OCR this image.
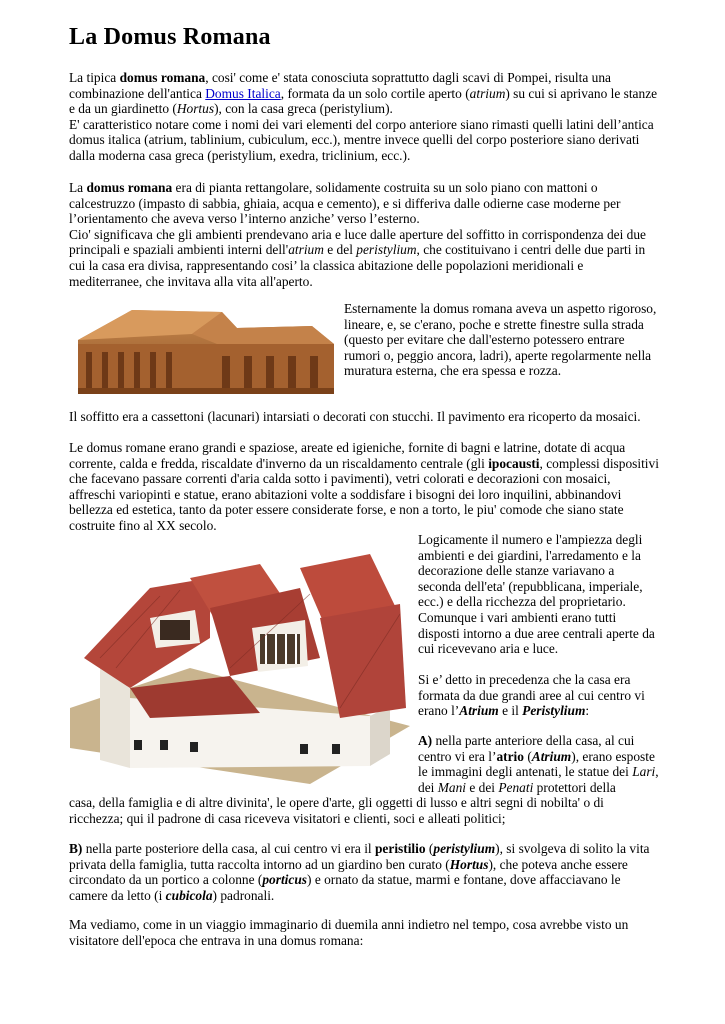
La Domus Romana

La tipica domus romana, cosi' come e' stata conosciuta soprattutto dagli scavi di Pompei, risulta una combinazione dell'antica Domus Italica, formata da un solo cortile aperto (atrium) su cui si aprivano le stanze e da un giardinetto (Hortus), con la casa greca (peristylium).
E' caratteristico notare come i nomi dei vari elementi del corpo anteriore siano rimasti quelli latini dell’antica domus italica (atrium, tablinium, cubiculum, ecc.), mentre invece quelli del corpo posteriore siano derivati dalla moderna casa greca (peristylium, exedra, triclinium, ecc.).

La domus romana era di pianta rettangolare, solidamente costruita su un solo piano con mattoni o calcestruzzo (impasto di sabbia, ghiaia, acqua e cemento), e si differiva dalle odierne case moderne per l’orientamento che aveva verso l’interno anziche’ verso l’esterno.
Cio' significava che gli ambienti prendevano aria e luce dalle aperture del soffitto in corrispondenza dei due principali e spaziali ambienti interni dell'atrium e del peristylium, che costituivano i centri delle due parti in cui la casa era divisa, rappresentando cosi’ la classica abitazione delle popolazioni meridionali e mediterranee, che invitava alla vita all'aperto.

Esternamente la domus romana aveva un aspetto rigoroso, lineare, e, se c'erano, poche e strette finestre sulla strada (questo per evitare che dall'esterno potessero entrare rumori o, peggio ancora, ladri), aperte regolarmente nella muratura esterna, che era spessa e rozza.

Il soffitto era a cassettoni (lacunari) intarsiati o decorati con stucchi. Il pavimento era ricoperto da mosaici.

Le domus romane erano grandi e spaziose, areate ed igieniche, fornite di bagni e latrine, dotate di acqua corrente, calda e fredda, riscaldate d'inverno da un riscaldamento centrale (gli ipocausti, complessi dispositivi che facevano passare correnti d'aria calda sotto i pavimenti), vetri colorati e decorazioni con mosaici, affreschi variopinti e statue, erano abitazioni volte a soddisfare i bisogni dei loro inquilini, abbinandovi bellezza ed estetica, tanto da poter essere considerate forse, e non a torto, le piu' comode che siano state costruite fino al XX secolo.

Logicamente il numero e l'ampiezza degli ambienti e dei giardini, l'arredamento e la decorazione delle stanze variavano a seconda dell'eta' (repubblicana, imperiale, ecc.) e della ricchezza del proprietario. Comunque i vari ambienti erano tutti disposti intorno a due aree centrali aperte da cui ricevevano aria e luce.

Si e’ detto in precedenza che la casa era formata da due grandi aree al cui centro vi erano l’Atrium e il Peristylium:

A) nella parte anteriore della casa, al cui centro vi era l’atrio (Atrium), erano esposte le immagini degli antenati, le statue dei Lari, dei Mani e dei Penati protettori della

casa, della famiglia e di altre divinita', le opere d'arte, gli oggetti di lusso e altri segni di nobilta' o di ricchezza; qui il padrone di casa riceveva visitatori e clienti, soci e alleati politici;

B) nella parte posteriore della casa, al cui centro vi era il peristilio (peristylium), si svolgeva di solito la vita privata della famiglia, tutta raccolta intorno ad un giardino ben curato (Hortus), che poteva anche essere circondato da un portico a colonne (porticus) e ornato da statue, marmi e fontane, dove affacciavano le camere da letto (i cubicola) padronali.

Ma vediamo, come in un viaggio immaginario di duemila anni indietro nel tempo, cosa avrebbe visto un visitatore dell'epoca che entrava in una domus romana:
